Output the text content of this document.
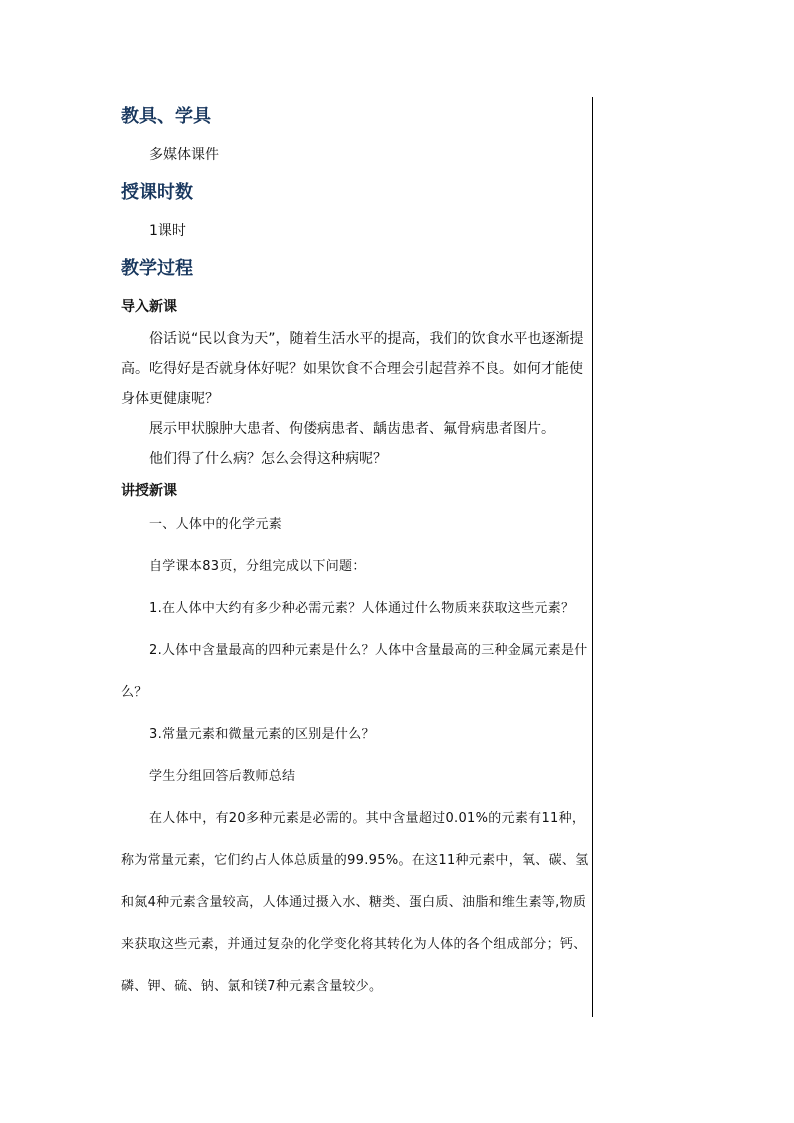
教具、学具

多媒体课件

授课时数

1课时

教学过程
导入新课

俗话说“民以食为天”，随着生活水平的提高，我们的饮食水平也逐渐提高。吃得好是否就身体好呢？如果饮食不合理会引起营养不良。如何才能使身体更健康呢？

展示甲状腺肿大患者、佝偻病患者、龋齿患者、氟骨病患者图片。

他们得了什么病？怎么会得这种病呢？

讲授新课

一、人体中的化学元素

自学课本83页，分组完成以下问题：

1.在人体中大约有多少种必需元素？人体通过什么物质来获取这些元素？

2.人体中含量最高的四种元素是什么？人体中含量最高的三种金属元素是什么？

3.常量元素和微量元素的区别是什么？

学生分组回答后教师总结

在人体中，有20多种元素是必需的。其中含量超过0.01%的元素有11种，称为常量元素，它们约占人体总质量的99.95%。在这11种元素中，氧、碳、氢和氮4种元素含量较高，人体通过摄入水、糖类、蛋白质、油脂和维生素等,物质来获取这些元素，并通过复杂的化学变化将其转化为人体的各个组成部分；钙、磷、钾、硫、钠、氯和镁7种元素含量较少。
